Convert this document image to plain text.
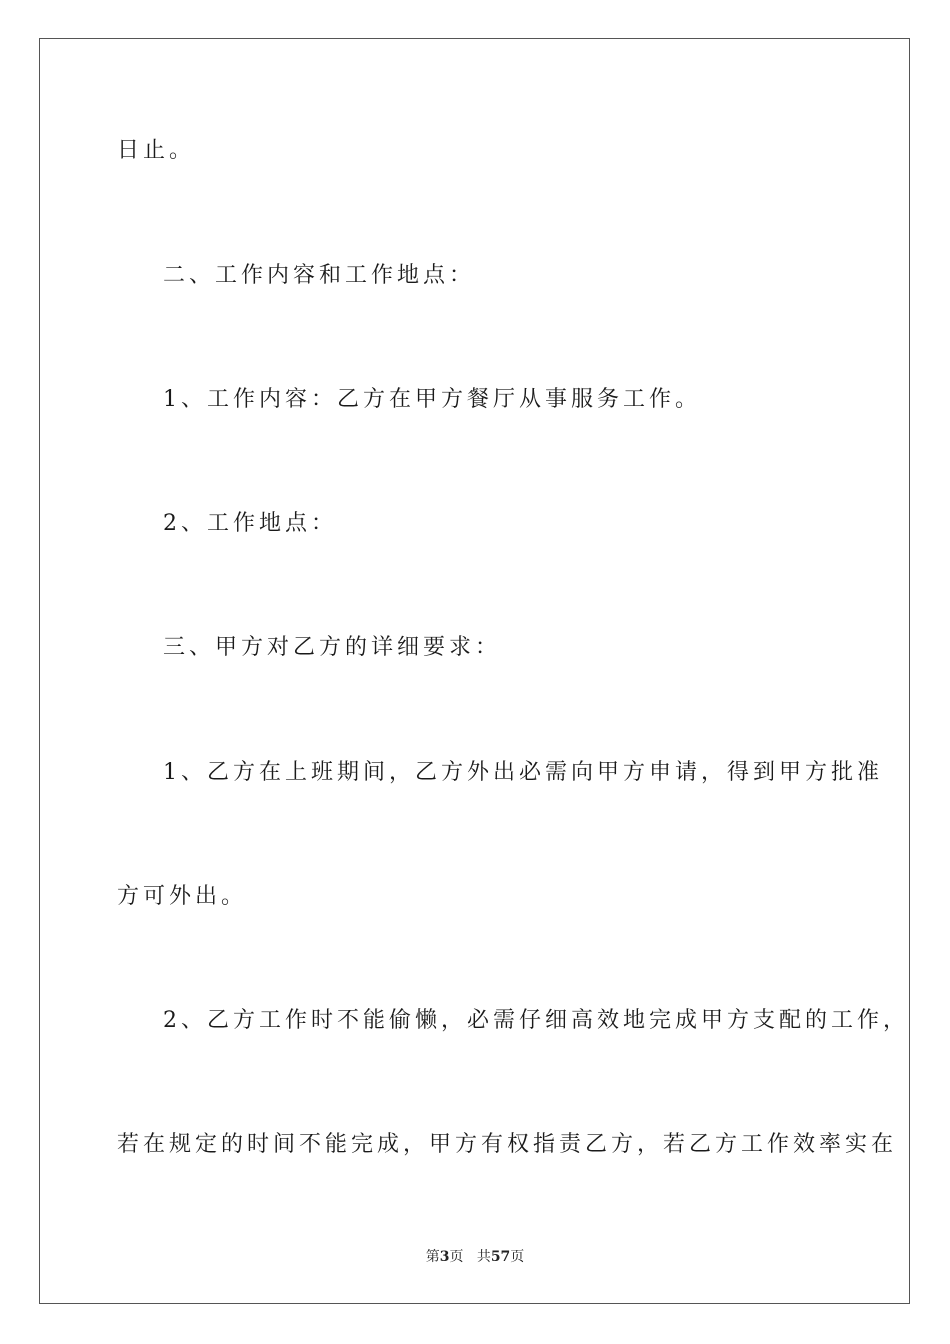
日止。
二、工作内容和工作地点：
1、工作内容：乙方在甲方餐厅从事服务工作。
2、工作地点：
三、甲方对乙方的详细要求：
1、乙方在上班期间，乙方外出必需向甲方申请，得到甲方批准
方可外出。
2、乙方工作时不能偷懒，必需仔细高效地完成甲方支配的工作，
若在规定的时间不能完成，甲方有权指责乙方，若乙方工作效率实在
第3页 共57页
